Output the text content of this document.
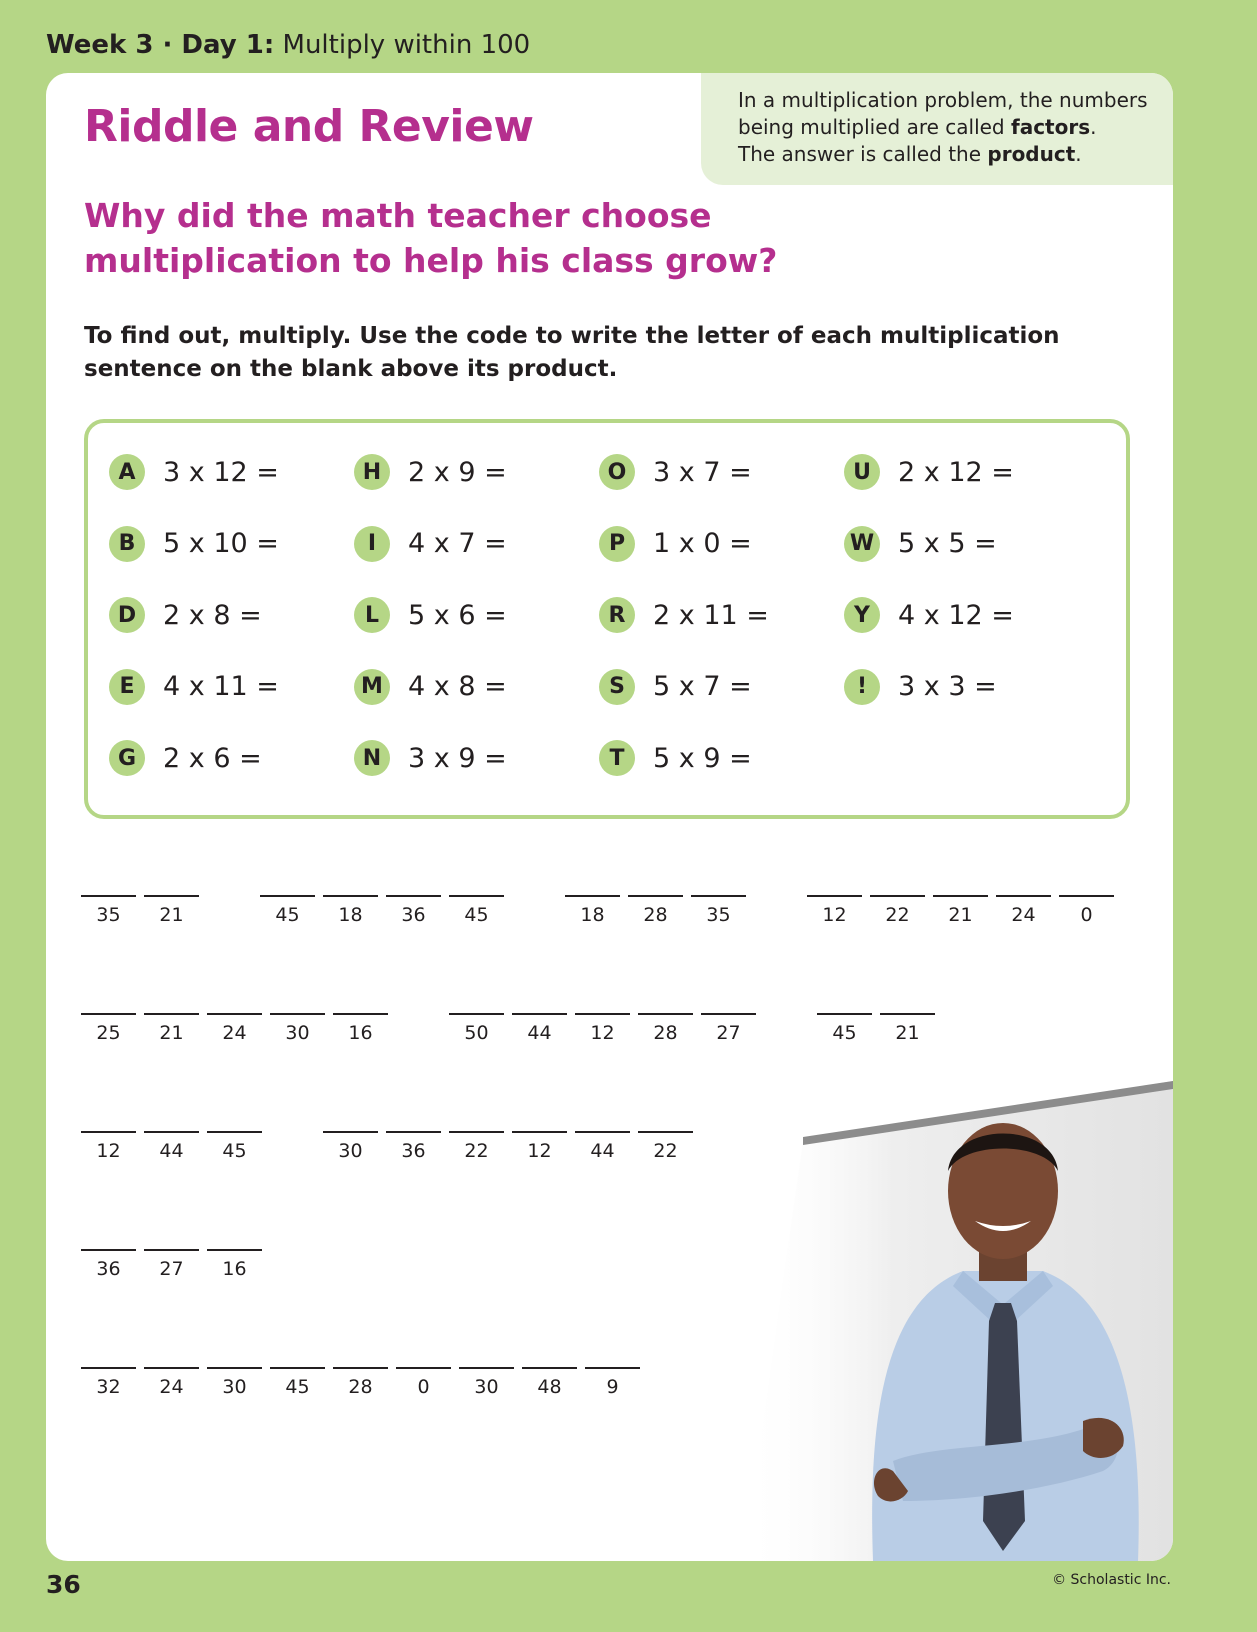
Week 3 · Day 1: Multiply within 100
In a multiplication problem, the numbers
being multiplied are called factors.
The answer is called the product.
Riddle and Review
Why did the math teacher choose multiplication to help his class grow?
To find out, multiply. Use the code to write the letter of each multiplication sentence on the blank above its product.
A	3 x 12 =
B	5 x 10 =
D 2 x 8 =
E	4 x 11 =
G 2 x 6 =
H 2 x 9 =
I	4 x 7 =
L	5 x 6 =
M 4 x 8 =
N 3 x 9 =
O 3 x 7 =
P	1 x 0 =
R	2 x 11 =
S	5 x 7 =
T	5 x 9 =
U	2 x 12 =
W 5 x 5 =
Y	4 x 12 =
!	3 x 3 =
35	21	45	18	36	45	18	28	35	12	22	21	24	0
25	21	24	30	16	50	44	12	28	27	45	21
12	44	45	30	36	22	12	44	22
36	27	16
32	24	30	45	28	0	30	48	9
36	© Scholastic Inc.
